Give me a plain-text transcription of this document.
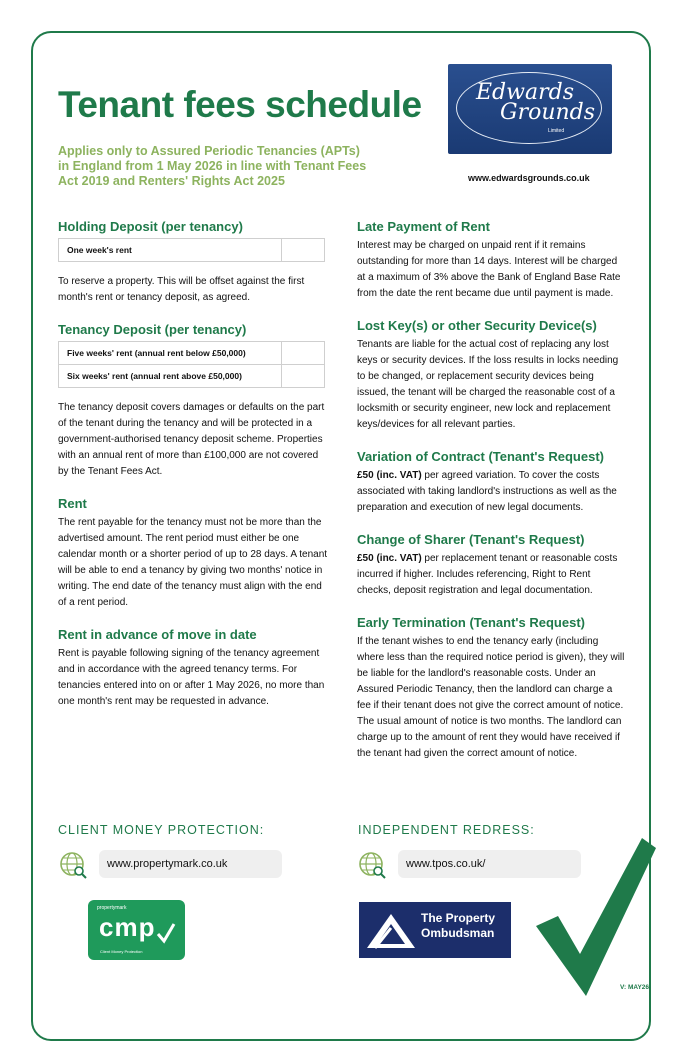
Tenant fees schedule

Applies only to Assured Periodic Tenancies (APTs) in England from 1 May 2026 in line with Tenant Fees Act 2019 and Renters' Rights Act 2025

Edwards
Grounds
Limited
www.edwardsgrounds.co.uk
Holding Deposit (per tenancy)
One week's rent	

To reserve a property. This will be offset against the first month's rent or tenancy deposit, as agreed.

Tenancy Deposit (per tenancy)
Five weeks' rent (annual rent below £50,000)	
Six weeks' rent (annual rent above £50,000)	

The tenancy deposit covers damages or defaults on the part of the tenant during the tenancy and will be protected in a government-authorised tenancy deposit scheme. Properties with an annual rent of more than £100,000 are not covered by the Tenant Fees Act.

Rent

The rent payable for the tenancy must not be more than the advertised amount. The rent period must either be one calendar month or a shorter period of up to 28 days. A tenant will be able to end a tenancy by giving two months' notice in writing. The end date of the tenancy must align with the end of a rent period.

Rent in advance of move in date

Rent is payable following signing of the tenancy agreement and in accordance with the agreed tenancy terms. For tenancies entered into on or after 1 May 2026, no more than one month's rent may be requested in advance.

Late Payment of Rent

Interest may be charged on unpaid rent if it remains outstanding for more than 14 days. Interest will be charged at a maximum of 3% above the Bank of England Base Rate from the date the rent became due until payment is made.

Lost Key(s) or other Security Device(s)

Tenants are liable for the actual cost of replacing any lost keys or security devices. If the loss results in locks needing to be changed, or replacement security devices being issued, the tenant will be charged the reasonable cost of a locksmith or security engineer, new lock and replacement keys/devices for all relevant parties.

Variation of Contract (Tenant's Request)

£50 (inc. VAT) per agreed variation. To cover the costs associated with taking landlord's instructions as well as the preparation and execution of new legal documents.

Change of Sharer (Tenant's Request)

£50 (inc. VAT) per replacement tenant or reasonable costs incurred if higher. Includes referencing, Right to Rent checks, deposit registration and legal documentation.

Early Termination (Tenant's Request)

If the tenant wishes to end the tenancy early (including where less than the required notice period is given), they will be liable for the landlord's reasonable costs. Under an Assured Periodic Tenancy, then the landlord can charge a fee if their tenant does not give the correct amount of notice. The usual amount of notice is two months. The landlord can charge up to the amount of rent they would have received if the tenant had given the correct amount of notice.

CLIENT MONEY PROTECTION:
www.propertymark.co.uk
propertymark
cmp
Client Money Protection
INDEPENDENT REDRESS:
www.tpos.co.uk/
The Property
Ombudsman
V: MAY26
